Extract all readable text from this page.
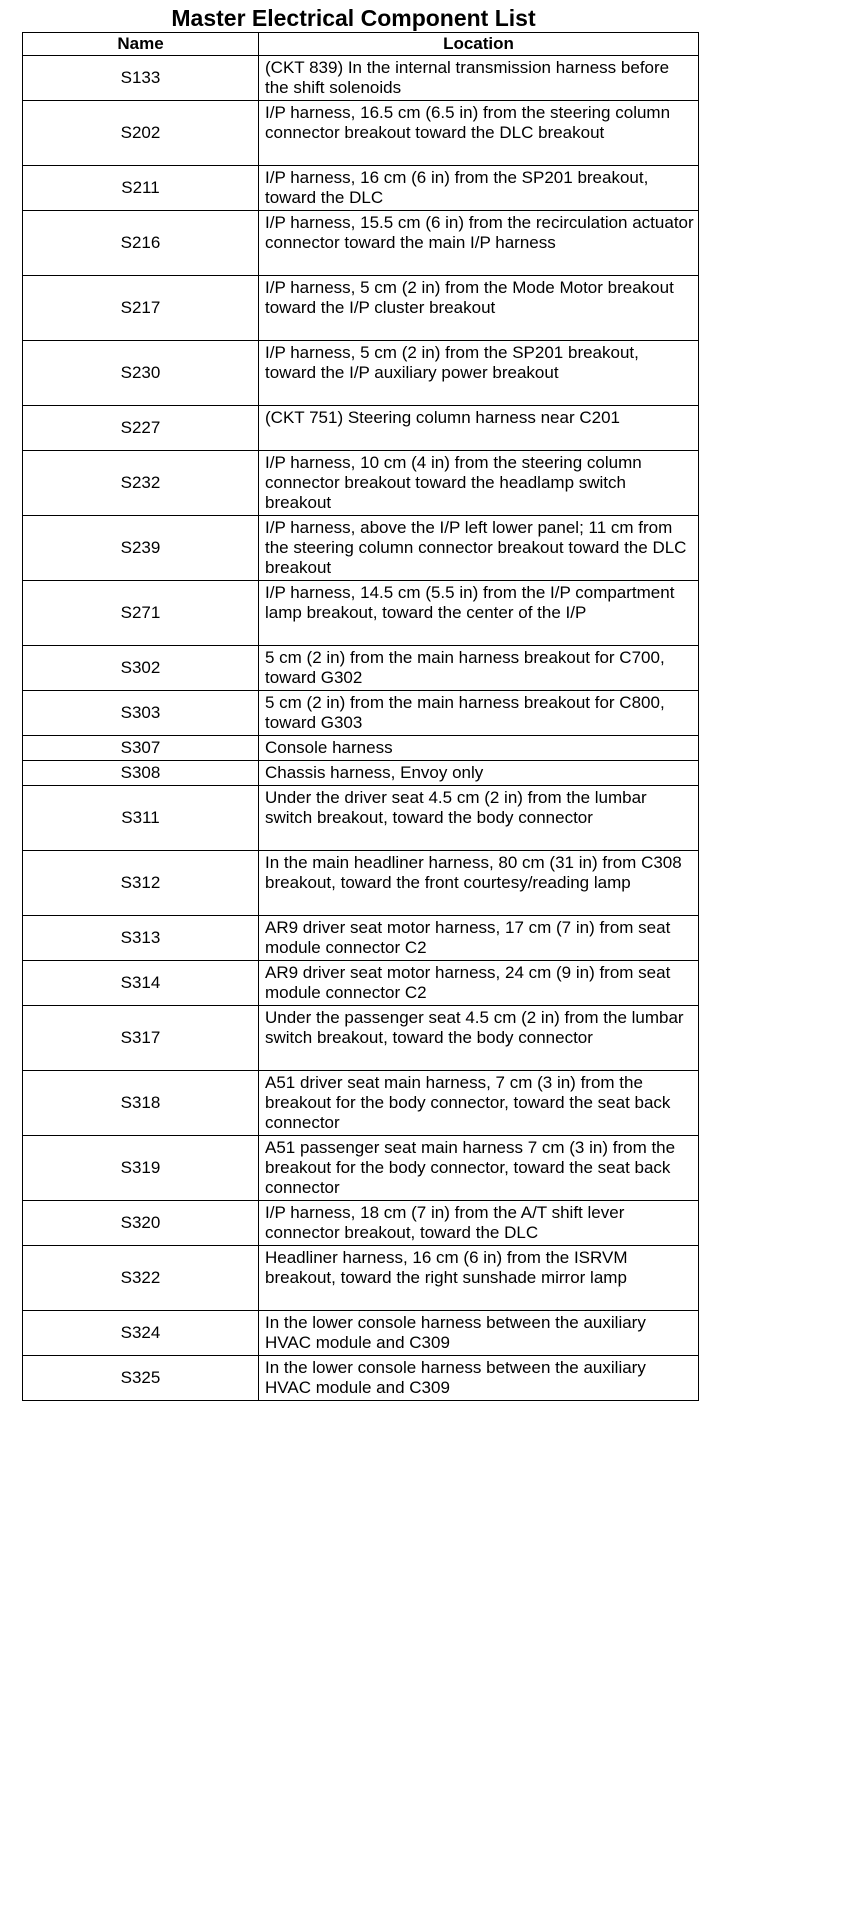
Master Electrical Component List
Name	Location
S133	(CKT 839) In the internal transmission harness before the shift solenoids
S202	I/P harness, 16.5 cm (6.5 in) from the steering column connector breakout toward the DLC breakout
S211	I/P harness, 16 cm (6 in) from the SP201 breakout, toward the DLC
S216	I/P harness, 15.5 cm (6 in) from the recirculation actuator connector toward the main I/P harness
S217	I/P harness, 5 cm (2 in) from the Mode Motor breakout toward the I/P cluster breakout
S230	I/P harness, 5 cm (2 in) from the SP201 breakout, toward the I/P auxiliary power breakout
S227	(CKT 751) Steering column harness near C201
S232	I/P harness, 10 cm (4 in) from the steering column connector breakout toward the headlamp switch breakout
S239	I/P harness, above the I/P left lower panel; 11 cm from the steering column connector breakout toward the DLC breakout
S271	I/P harness, 14.5 cm (5.5 in) from the I/P compartment lamp breakout, toward the center of the I/P
S302	5 cm (2 in) from the main harness breakout for C700, toward G302
S303	5 cm (2 in) from the main harness breakout for C800, toward G303
S307	Console harness
S308	Chassis harness, Envoy only
S311	Under the driver seat 4.5 cm (2 in) from the lumbar switch breakout, toward the body connector
S312	In the main headliner harness, 80 cm (31 in) from C308 breakout, toward the front courtesy/reading lamp
S313	AR9 driver seat motor harness, 17 cm (7 in) from seat module connector C2
S314	AR9 driver seat motor harness, 24 cm (9 in) from seat module connector C2
S317	Under the passenger seat 4.5 cm (2 in) from the lumbar switch breakout, toward the body connector
S318	A51 driver seat main harness, 7 cm (3 in) from the breakout for the body connector, toward the seat back connector
S319	A51 passenger seat main harness 7 cm (3 in) from the breakout for the body connector, toward the seat back connector
S320	I/P harness, 18 cm (7 in) from the A/T shift lever connector breakout, toward the DLC
S322	Headliner harness, 16 cm (6 in) from the ISRVM breakout, toward the right sunshade mirror lamp
S324	In the lower console harness between the auxiliary HVAC module and C309
S325	In the lower console harness between the auxiliary HVAC module and C309
